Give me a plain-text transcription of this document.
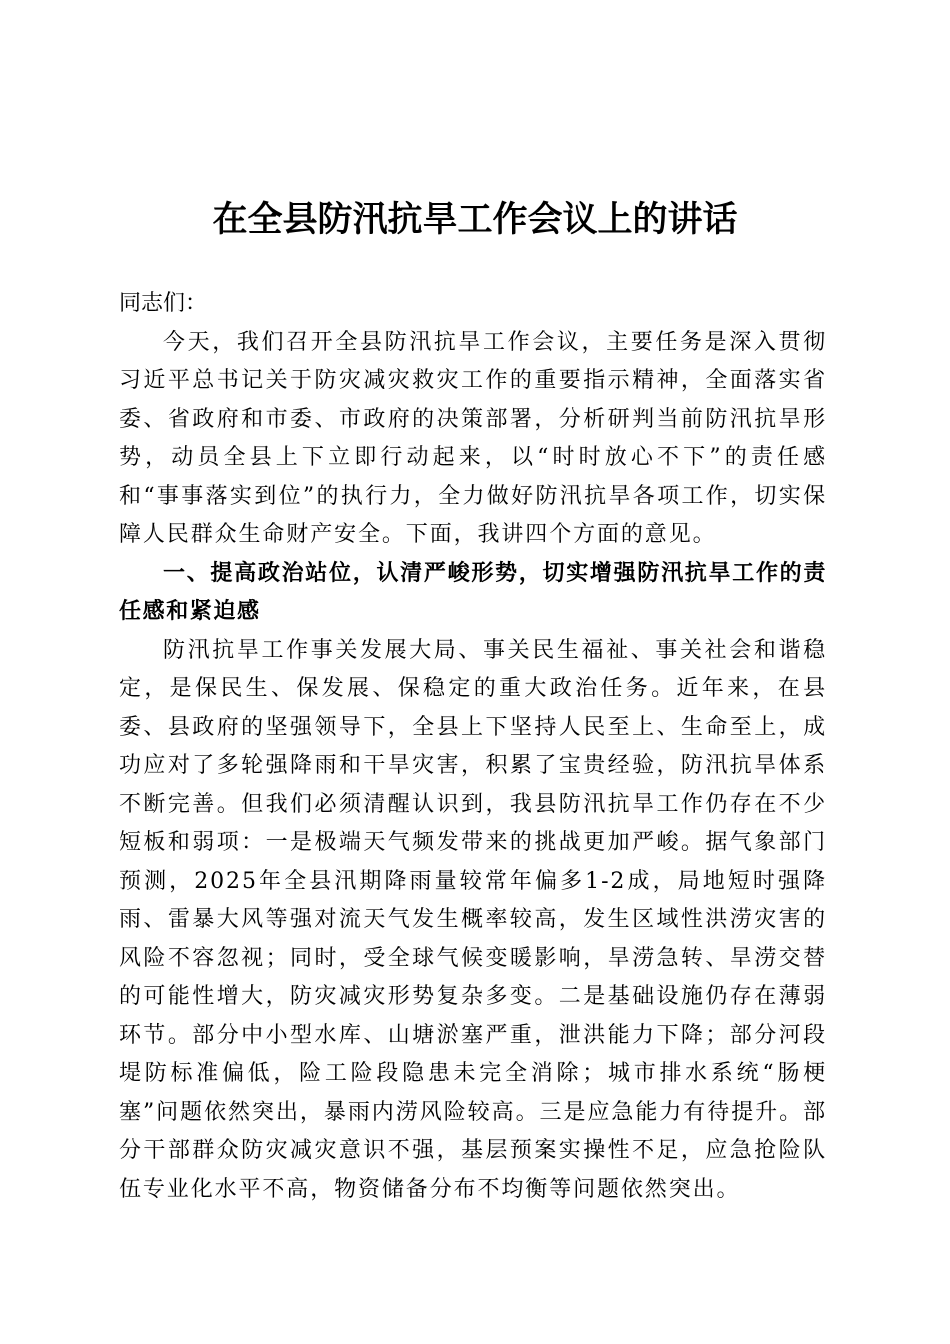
在全县防汛抗旱工作会议上的讲话

同志们：

今天，我们召开全县防汛抗旱工作会议，主要任务是深入贯彻习近平总书记关于防灾减灾救灾工作的重要指示精神，全面落实省委、省政府和市委、市政府的决策部署，分析研判当前防汛抗旱形势，动员全县上下立即行动起来，以“时时放心不下”的责任感和“事事落实到位”的执行力，全力做好防汛抗旱各项工作，切实保障人民群众生命财产安全。下面，我讲四个方面的意见。

一、提高政治站位，认清严峻形势，切实增强防汛抗旱工作的责任感和紧迫感

防汛抗旱工作事关发展大局、事关民生福祉、事关社会和谐稳定，是保民生、保发展、保稳定的重大政治任务。近年来，在县委、县政府的坚强领导下，全县上下坚持人民至上、生命至上，成功应对了多轮强降雨和干旱灾害，积累了宝贵经验，防汛抗旱体系不断完善。但我们必须清醒认识到，我县防汛抗旱工作仍存在不少短板和弱项：一是极端天气频发带来的挑战更加严峻。据气象部门预测，2025年全县汛期降雨量较常年偏多1-2成，局地短时强降雨、雷暴大风等强对流天气发生概率较高，发生区域性洪涝灾害的风险不容忽视；同时，受全球气候变暖影响，旱涝急转、旱涝交替的可能性增大，防灾减灾形势复杂多变。二是基础设施仍存在薄弱环节。部分中小型水库、山塘淤塞严重，泄洪能力下降；部分河段堤防标准偏低，险工险段隐患未完全消除；城市排水系统“肠梗塞”问题依然突出，暴雨内涝风险较高。三是应急能力有待提升。部分干部群众防灾减灾意识不强，基层预案实操性不足，应急抢险队伍专业化水平不高，物资储备分布不均衡等问题依然突出。
